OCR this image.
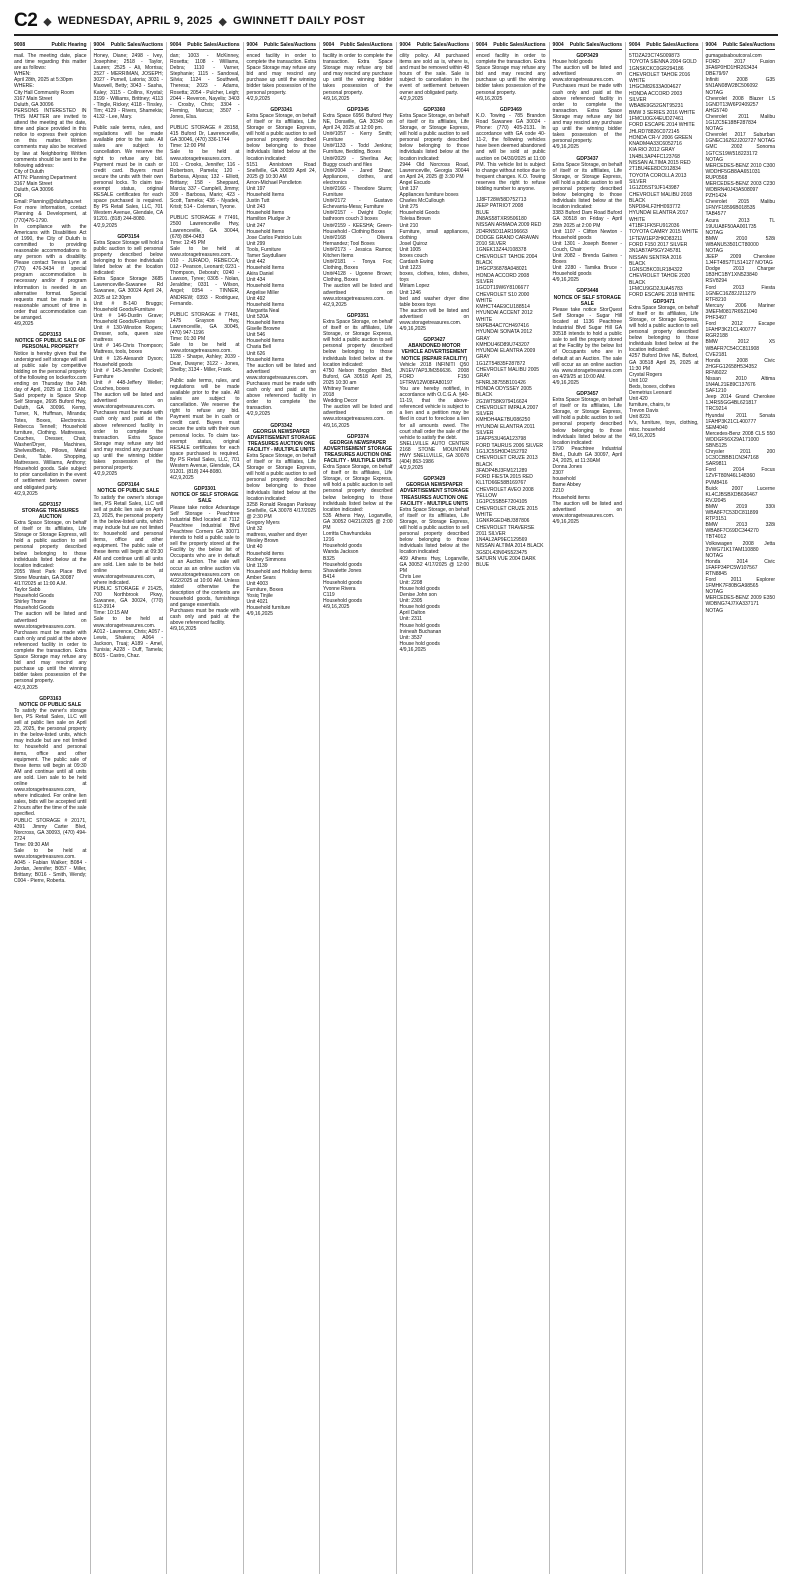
C2 ◆ WEDNESDAY, APRIL 9, 2025 ◆ GWINNETT DAILY POST
9008	Public Hearing
mail. The meeting date, place and time regarding this matter are as follows:
WHEN:
April 28th, 2025 at 5:30pm
WHERE:
City Hall Community Room
3167 Main Street
Duluth, GA 30096
PERSONS INTERESTED IN THIS MATTER are invited to attend the meeting at the date, time and place provided in this notice to express their opinion on this matter. Written comments may also be received by law at Neighboring Written comments should be sent to the following address:
City of Duluth
ATTN: Planning Department
3167 Main Street
Duluth, GA 30096
OR
Email: Planning@duluthga.net
For more information, contact Planning & Development, at (770)476-1790.
In compliance with the Americans with Disabilities Act of 1990, the City of Duluth is committed to providing reasonable accommodations to any person with a disability. Please contact Teresa Lynn at (770) 476-3434 if special program accommodation is necessary and/or if program information is needed in an alternative format. Special requests must be made in a reasonable amount of time in order that accommodation can be arranged.
4/9,2025
GDP3153
NOTICE OF PUBLIC SALE OF PERSONAL PROPERTY
Notice is hereby given that the undersigned self storage will sell at public sale by competitive bidding on the personal property of the following on lockerfox.com ending on Thursday the 24th day of April, 2025 at 11:00 AM. Said property is Space Shop Self Storage, 2695 Buford Hwy, Duluth, GA 30096. Kemp, Turner, N, Huffman, Miranda; Totes, Boxes, Electronics. Rebecca Tennell; Household furniture, Clothing. Mattresses, Couches, Dresser, Chair, Washer/Dryer, Machines, Shelves/Beds, Pillows, Metal Desk, Table. Shopping, Mattresses. Williams, Anthony; Household goods. Sale subject to prior cancellation in the event of settlement between owner and obligated party.
4/2,9,2025
GDP3157
STORAGE TREASURES AUCTION
Extra Space Storage, on behalf of itself or its affiliates, Life Storage or Storage Express, will hold a public auction to sell personal property described below belonging to those individuals listed below at the location indicated:
2055 West Park Place Blvd Stone Mountain, GA 30087
4/17/2025 at 11:00 A.M.
Taylor Sabb
Household Goods
Shirley Thorne
Household Goods
The auction will be listed and advertised on www.storagetreasures.com. Purchases must be made with cash only and paid at the above referenced facility in order to complete the transaction. Extra Space Storage may refuse any bid and may rescind any purchase up until the winning bidder takes possession of the personal property.
4/2,9,2025
GDP3163
NOTICE OF PUBLIC SALE
To satisfy the owner's storage lien, PS Retail Sales, LLC will sell at public lien sale on April 23, 2025, the personal property in the below-listed units, which may include but are not limited to: household and personal items, office and other equipment. The public sale of these items will begin at 09:30 AM and continue until all units are sold. Lien sale to be held online at www.storagetreasures.com, where indicated. For online lien sales, bids will be accepted until 2 hours after the time of the sale specified.
PUBLIC STORAGE # 20171, 4391 Jimmy Carter Blvd, Norcross, GA 30093, (470) 494-2724
Time: 09:30 AM
Sale to be held at www.storagetreasures.com.
A045 - Fabian Walker; B084 - Jordan, Jennifer; B057 - Miller, Brittany; B016 - Smith, Wendy; C004 - Pierre, Roberta.
9004 Public Sales/Auctions
Honey, Diane; 2498 - Ivey, Josephine; 2518 - Taylor, Lauren; 2525 - Ali, Morrisa; 2527 - MERRIMAN, JOSEPH; 3027 - Purnell, Latoria; 3031 - Maxwell, Betty; 3043 - Sasha, Kaley; 3115 - Collins, Krystal; 3199 - Williams, Brittney; 4113 - Tingle, Rickey; 4118 - Tinsley, Tim; 4129 - Rivers, Shamekia; 4132 - Lee, Mary.
Public sale terms, rules, and regulations will be made available prior to the sale. All sales are subject to cancellation. We reserve the right to refuse any bid. Payment must be in cash or credit card. Buyers must secure the units with their own personal locks. To claim tax-exempt status, original RESALE certificates for each space purchased is required. By PS Retail Sales, LLC, 701 Western Avenue, Glendale, CA 91201. (818) 244-8080.
4/2,9,2025
GDP3154
Extra Space Storage will hold a public auction to sell personal property described below belonging to those individuals listed below at the location indicated:
Extra Space Storage 3685 Lawrenceville-Suwanee Rd Suwanee, GA 30024 April 24, 2025 at 12:30pm
Unit # B-140 Bruggs; Household Goods/Furniture
Unit # 146-Dustin Grave; Household Goods/Furniture
Unit # 130-Winston Rogers; Dresser, sofa, queen size mattress
Unit # 146-Chris Thompson; Mattress, tools, boxes
Unit # 126-Alexandr Dyson; Household goods
Unit # 145-Jennifer Cockrell; Furniture
Unit # 448-Jeffery Weller; Couches, boxes
The auction will be listed and advertised on www.storagetreasures.com. Purchases must be made with cash only and paid at the above referenced facility in order to complete the transaction. Extra Space Storage may refuse any bid and may rescind any purchase up until the winning bidder takes possession of the personal property.
4/2,9,2025
GDP3164
NOTICE OF PUBLIC SALE
To satisfy the owner's storage lien, PS Retail Sales, LLC will sell at public lien sale on April 23, 2025, the personal property in the below-listed units, which may include but are not limited to: household and personal items, office and other equipment. The public sale of these items will begin at 09:30 AM and continue until all units are sold. Lien sale to be held online at www.storagetreasures.com, where indicated.
PUBLIC STORAGE # 21425, 700 Northbrook Pkwy, Suwanee, GA 30024, (770) 612-3914
Time: 10:15 AM
Sale to be held at www.storagetreasures.com.
A012 - Lawrence, Chris; A057 - Lewis, Shakera; A064 - Jackson, Truaj; A189 - Amel, Tunisia; A228 - Duff, Tamela; B015 - Castro, Chaz.
9004 Public Sales/Auctions
dan; 1003 - McKinney, Rosetta; 1108 - Williams, Debra; 1110 - Varner, Stephanie; 1115 - Sandoval, Silvia; 1124 - Southwell, Theresa; 2023 - Adams, Rosetta; 2054 - Pulcher, Leigh; 2044 - Reveron, Nayelis; 3403 - Crosby, Chris; 3304 - Fleming, Marcus; 3507 - Jones, Elsa.
PUBLIC STORAGE # 28158, 415 Buford Dr, Lawrenceville, GA 30046, (470) 336-1744
Time: 12:00 PM
Sale to be held at www.storagetreasures.com.
101 - Crooks, Jennifer; 116 - Robertson, Pamela; 120 - Barbosa, Alyssa; 132 - Elliott, Brittany; 158 - Sheppard, Marcia; 337 - Camplell, Jimmy; 309 - Barbosa, Mario; 423 - Scott, Tameka; 436 - Nyadek, Kristi; 514 - Coleman, Tyrone.
PUBLIC STORAGE # 77491, 2500 Lawrenceville Hwy, Lawrenceville, GA 30044, (678) 884-0483
Time: 12:45 PM
Sale to be held at www.storagetreasures.com.
010 - JURADO, REBECCA; 012 - Pearson, Leonard; 0231 - Thompson, Deborah; 0240 - Lawson, Tyree; 0305 - Nolan, Jeraldine; 0331 - Wilson, Angel; 0354 - TINNER, ANDREW; 0393 - Rodriguez, Fernando.
PUBLIC STORAGE # 77481, 1475 Grayson Hwy, Lawrenceville, GA 30045, (470) 947-1196
Time: 01:30 PM
Sale to be held at www.storagetreasures.com.
1128 - Sharpe, Ashley; 2039 - Dear, Dwayne; 3122 - Jones, Shelby; 3134 - Miller, Frank.
Public sale terms, rules, and regulations will be made available prior to the sale. All sales are subject to cancellation. We reserve the right to refuse any bid. Payment must be in cash or credit card. Buyers must secure the units with their own personal locks. To claim tax-exempt status, original RESALE certificates for each space purchased is required. By PS Retail Sales, LLC, 701 Western Avenue, Glendale, CA 91201. (818) 244-8080.
4/2,9,2025
GDP3301
NOTICE OF SELF STORAGE SALE
Please take notice Advantage Self Storage - Peachtree Industrial Blvd located at 7112 Peachtree Industrial Blvd Peachtree Corners GA 30071 intends to hold a public sale to sell the property stored at the Facility by the below list of Occupants who are in default at an Auction. The sale will occur as an online auction via www.storagetreasures.com on 4/22/2025 at 10:00 AM. Unless stated otherwise the description of the contents are household goods, furnishings and garage essentials.
Purchases must be made with cash only and paid at the above referenced facility.
4/9,16,2025
9004 Public Sales/Auctions
enced facility in order to complete the transaction. Extra Space Storage may refuse any bid and may rescind any purchase up until the winning bidder takes possession of the personal property.
4/2,9,2025
GDP3341
Extra Space Storage, on behalf of itself or its affiliates, Life Storage or Storage Express, will hold a public auction to sell personal property described below belonging to those individuals listed below at the location indicated:
5151 Annistown Road Snellville, GA 30039 April 24, 2025 @ 10:30 AM
Arron-Michael Pendleton
Unit 197
Household Items
Justin Tutt
Unit 243
Household Items
Hamilton Pludger Jr
Unit 247
Household Items
Jose Carlos Patricio Luis
Unit 299
Tools, Furniture
Tamer Saydullaev
Unit 442
Household Items
Akira Daniel
Unit 434
Household Items
Angelise Miller
Unit 492
Household Items
Margarita Neal
Unit 520A
Household Items
Giselle Browne
Unit 546
Household Items
Charia Bell
Unit 626
Household Items
The auction will be listed and advertised on www.storagetreasures.com. Purchases must be made with cash only and paid at the above referenced facility in order to complete the transaction.
4/2,9,2025
GDP3342
GEORGIA NEWSPAPER ADVERTISEMENT STORAGE TREASURES AUCTION ONE FACILITY - MULTIPLE UNITS
Extra Space Storage, on behalf of itself or its affiliates, Life Storage or Storage Express, will hold a public auction to sell personal property described below belonging to those individuals listed below at the location indicated:
3258 Ronald Reagan Parkway Snellville, GA 30078 4/17/2025 @ 2:30 PM
Gregory Myers
Unit 32
mattress, washer and dryer
Wesley Brown
Unit 40
Household items
Rodney Simmons
Unit 1139
Household and Holiday items
Amber Sears
Unit 4003
Furniture, Boxes
Yosiq Tinjile
Unit 4021
Household furniture
4/9,16,2025
9004 Public Sales/Auctions
facility in order to complete the transaction. Extra Space Storage may refuse any bid and may rescind any purchase up until the winning bidder takes possession of the personal property.
4/9,16,2025
GDP3345
Extra Space 6956 Buford Hwy NE, Doraville, GA 30340 on April 24, 2025 at 12:00 pm.
Unit#1057 - Kerry Smith; Furniture
Unit#1133 - Todd Jenkins; Furniture, Bedding, Boxes
Unit#2029 - Sherlina Aw; Buggy couch and files
Unit#2004 - Jared Shaw; Appliances, clothes, and electronics
Unit#2166 - Theodore Sturm; Furniture
Unit#2172 - Gustavo Echevarria-Mesa; Furniture
Unit#2157 - Dwight Doyle; bathroom couch 3 boxes
Unit#2159 - KEESHA; Green-Household - Clothing Boxes
Unit#2168 - Olivera Hernandez; Tool Boxes
Unit#2173 - Jessica Ramos; Kitchen Items
Unit#2181 - Tonya Fox; Clothing, Boxes
Unit#4128 - Ugonne Brown; Clothing, Boxes
The auction will be listed and advertised on www.storagetreasures.com.
4/2,9,2025
GDP3351
Extra Space Storage, on behalf of itself or its affiliates, Life Storage, or Storage Express, will hold a public auction to sell personal property described below belonging to those individuals listed below at the location indicated:
4750 Nelson Brogdon Blvd, Buford, GA 30518 April 25, 2025 10:30 am
Whitney Teamer
2018
Wedding Decor
The auction will be listed and advertised on www.storagetreasures.com.
4/9,16,2025
GDP3374
GEORGIA NEWSPAPER ADVERTISEMENT STORAGE TREASURES AUCTION ONE FACILITY - MULTIPLE UNITS
Extra Space Storage, on behalf of itself or its affiliates, Life Storage, or Storage Express, will hold a public auction to sell personal property described below belonging to those individuals listed below at the location indicated:
535 Athens Hwy, Loganville, GA 30052 04/21/2025 @ 2:00 PM
Lorritta Chavhunduka
1216
Household goods
Wanda Jackson
B325
Household goods
Shavalette Jones
B414
Household goods
Yvonne Rivera
C119
Household goods
4/9,16,2025
9004 Public Sales/Auctions
cility policy. All purchased items are sold as is, where is, and must be removed within 48 hours of the sale. Sale is subject to cancellation in the event of settlement between owner and obligated party.
4/2,9,2025
GDP3360
Extra Space Storage, on behalf of itself or its affiliates, Life Storage, or Storage Express, will hold a public auction to sell personal property described below belonging to those individuals listed below at the location indicated:
2944 Old Norcross Road, Lawrenceville, Georgia 30044 on April 24, 2025 @ 3:30 PM
Angel Escudo
Unit 137
Appliances furniture boxes
Charles McCullough
Unit 275
Household Goods
Toleisa Brown
Unit 210
Furniture, small appliances, clothing
Josel Quiroz
Unit 1005
boxes couch
Cardash Ewing
Unit 1223
boxes, clothes, totes, dishes, toys
Miriam Lopez
Unit 1246
bed and washer dryer dine table boxes toys
The auction will be listed and advertised on www.storagetreasures.com.
4/9,16,2025
GDP3427
ABANDONED MOTOR VEHICLE ADVERTISEMENT NOTICE (REPAIR FACILITY)
Vehicle 2018 INFINITI Q50 JN1EV7AP3JM356636. 2008 FORD F150 1FTRW12W08FA80197
You are hereby notified, in accordance with O.C.G.A. §40-11-19, that the above-referenced vehicle is subject to a lien and a petition may be filed in court to foreclose a lien for all amounts owed. The court shall order the sale of the vehicle to satisfy the debt.
SNELLVILLE AUTO CENTER 2168 STONE MOUNTAIN HWY SNELLVILLE, GA 30078 (404) 863-1986
4/2,9,2025
GDP3429
GEORGIA NEWSPAPER ADVERTISEMENT STORAGE TREASURES AUCTION ONE FACILITY - MULTIPLE UNITS
Extra Space Storage, on behalf of itself or its affiliates, Life Storage, or Storage Express, will hold a public auction to sell personal property described below belonging to those individuals listed below at the location indicated:
409 Athens Hwy, Loganville, GA 30052 4/17/2025 @ 12:00 PM
Chris Lee
Unit: 2208
House hold goods
Denise John son
Unit: 2305
House hold goods
April Dalton
Unit: 2311
House hold goods
Irvineah Buchanan
Unit: 3537
House hold goods
4/9,16,2025
9004 Public Sales/Auctions
enced facility in order to complete the transaction. Extra Space Storage may refuse any bid and may rescind any purchase up until the winning bidder takes possession of the personal property.
4/9,16,2025
GDP3469
K.O. Towing - 785 Brandon Road Suwanee GA 30024 - Phone: (770) 405-2131. In accordance with GA code 40-11-2, the following vehicles have been deemed abandoned and will be sold at public auction on 04/30/2025 at 11:00 PM. This vehicle list is subject to change without notice due to frequent changes. K.O. Towing reserves the right to refuse bidding number to anyone.
1J8FT28W58D752713
JEEP PATRIOT 2008
BLUE
JN8AS58TXR9506180
NISSAN ARMADA 2009 RED
2D4RN5D11AR196663
DODGE GRAND CARAVAN 2010 SILVER
1GNEK13Z44J108378
CHEVROLET TAHOE 2004 BLACK
1HGCP36878A048021
HONDA ACCORD 2008 SILVER
1GCDT19W6Y8106677
CHEVROLET S10 2000 WHITE
KMHCT4AE9CU188514
HYUNDAI ACCENT 2012 WHITE
5NPEB4AC7CH497416
HYUNDAI SONATA 2012 GRAY
KMHDU46D89U743207
HYUNDAI ELANTRA 2009 GRAY
1G1ZT54835F287872
CHEVROLET MALIBU 2005 GRAY
5FNRL38755B101426
HONDA ODYSSEY 2005 BLACK
2G1WT58K979416624
CHEVROLET IMPALA 2007 SILVER
KMHDH4AE7BU086250
HYUNDAI ELANTRA 2011 SILVER
1FAFP53U46A123798
FORD TAURUS 2006 SILVER
1G1JC5SH0D4152792
CHEVROLET CRUZE 2013 BLACK
3FADP4BJ3FM121289
FORD FIESTA 2015 RED
KL1TD66E58B169767
CHEVROLET AVEO 2008 YELLOW
1G1PC5SB5F7204105
CHEVROLET CRUZE 2015 WHITE
1GNKRGED4BJ387806
CHEVROLET TRAVERSE 2011 SILVER
1N4AL2AP9EC129569
NISSAN ALTIMA 2014 BLACK
3GSDL43N04S523475
SATURN VUE 2004 DARK BLUE
9004 Public Sales/Auctions
GDP3429
House hold goods
The auction will be listed and advertised on www.storagetreasures.com. Purchases must be made with cash only and paid at the above referenced facility in order to complete the transaction. Extra Space Storage may refuse any bid and may rescind any purchase up until the winning bidder takes possession of the personal property.
4/9,16,2025
GDP3437
Extra Space Storage, on behalf of itself or its affiliates, Life Storage, or Storage Express, will hold a public auction to sell personal property described below belonging to those individuals listed below at the location indicated:
3383 Buford Dam Road Buford GA 30518 on Friday - April 25th 2025 at 2:00 PM
Unit 1107 - Clifton Newton - Household goods
Unit 1301 - Joseph Bonner - Couch, Chair
Unit 2082 - Brenda Gaines - Boxes
Unit 2280 - Tamika Bruce - Household goods
4/9,16,2025
GDP3448
NOTICE OF SELF STORAGE SALE
Please take notice StorQuest Self Storage - Sugar Hill located at 1136 Peachtree Industrial Blvd Sugar Hill GA 30518 intends to hold a public sale to sell the property stored at the Facility by the below list of Occupants who are in default at an Auction. The sale will occur as an online auction via www.storagetreasures.com on 4/29/25 at 10:00 AM.
4/9,16,2025
GDP3457
Extra Space Storage, on behalf of itself or its affiliates, Life Storage, or Storage Express, will hold a public auction to sell personal property described below belonging to those individuals listed below at the location indicated:
1790 Peachtree Industrial Blvd., Duluth GA 30097, April 24, 2025, at 11:30AM
Donna Jones
2307
household
Bame Abbey
2210
Household items
The auction will be listed and advertised on www.storagetreasures.com.
4/9,16,2025
9004 Public Sales/Auctions
5TDZA23C74S009873
TOYOTA SIENNA 2004 GOLD
1GNSKCKC0GR294186
CHEVROLET TAHOE 2016 WHITE
1HGCM82633A004627
HONDA ACCORD 2003 SILVER
WBA8E9G52GNT95231
BMW 3 SERIES 2016 WHITE
1FMCU0GX4EUD27461
FORD ESCAPE 2014 WHITE
JHLRD78826C072145
HONDA CR-V 2006 GREEN
KNADM4A33C6052716
KIA RIO 2012 GRAY
1N4BL3AP4FC123768
NISSAN ALTIMA 2015 RED
2T1BU4EE8DC912834
TOYOTA COROLLA 2013 SILVER
1G1ZD5ST9JF143987
CHEVROLET MALIBU 2018 BLACK
5NPD84LF2HH093772
HYUNDAI ELANTRA 2017 WHITE
4T1BF1FK5FU912036
TOYOTA CAMRY 2015 WHITE
1FTEW1EP2HKD83211
FORD F150 2017 SILVER
3N1AB7AP5GY245781
NISSAN SENTRA 2016 BLACK
1GNSCBKC0LR184322
CHEVROLET TAHOE 2020 BLACK
1FMCU9GD2JUA45783
FORD ESCAPE 2018 WHITE
GDP3471
Extra Space Storage, on behalf of itself or its affiliates, Life Storage, or Storage Express, will hold a public auction to sell personal property described below belonging to those individuals listed below at the location indicated:
4257 Buford Drive NE, Buford, GA 30518 April 25, 2025 at 11:30 PM
Crystal Rogers
Unit 102
Beds, boxes, clothes
Demetrius Leonard
Unit 420
furniture, chairs, tv
Trevon Davis
Unit 8231
tv's, furniture, toys, clothing, misc. household
4/9,16,2025
9004 Public Sales/Auctions
gumagatsaboutcoral.com
FORD 2017 Fusion 3FA6P0HD1HR263434 DBE79/97
Infiniti 2008 G35 5N1AN08W28C506092 NOTAG
Chevrolet 2008 Blazer LS 1GNDT13W6P2409257 AHG5740
Chevrolet 2011 Malibu 1G1ZC5E18BF287834 NOTAG
Chevrolet 2017 Suburban 1GNEC16Z62J202727 NOTAG
GMC 2002 Sonoma 1GTCS19W518223172 NOTAG
MERCEDES-BENZ 2010 C300 WDDHF5GB8AA651031 RUP0568
MERCEDES-BENZ 2003 C230 WDBRN40J43A508097 PZH1424
Chevrolet 2015 Malibu 1FNYF18596B018535 TAB4577
Acura 2013 TL 19UUA8F50AA001735 NOTAG
BMW 2010 528i WBANU53501CT80000 NOTAG
JEEP 2009 Cherokee 1J4FT48S7TL514127 NOTAG
Dodge 2013 Charger 1B3HC1BY1XN523840 RSV8294
Ford 2013 Fiesta 1GNEC16Z82J211279 RTF8210
Mercury 2006 Mariner 3MEFM0817R6521040 PHF3497
Ford 2012 Escape 1FAHP3K21CL400777 RGR2188
BMW 2012 X5 WBAFR7C54CC811908 CVE2181
Honda 2008 Civic 2HGFG12658H534352 RFN6022
Nissan 2010 Altima 1N4AL21E89C137676 SAF1210
Jeep 2014 Grand Cherokee 1J4RS5GG4BL621817 TRC9214
Hyundai 2011 Sonata 1FAHP3K21CL400777 SEM4040
Mercedes-Benz 2008 CLS 550 WDDGF56X29A171000 SBN5125
Chrysler 2011 200 1C3CCBBB1CN347168 SAR9811
Ford 2014 Focus 1ZVFT80N46L148360 PVM8416
Buick 2007 Lucerne KL4CJBSBXDB636467 RVJ2045
BMW 2019 330i WBA8F7C53DC811899 RTP3151
BMW 2013 328i WBA8F7C69DC344270 TBT4012
Volkswagen 2008 Jetta 3VWG71K17AM110880 NOTAG
Honda 2014 Civic 1FAFP34PC5W107567 RTN8845
Ford 2011 Explorer 1FMHK7F80BGA98565 NOTAG
MERCEDES-BENZ 2009 E350 WDBNG74J7XA337171 NOTAG
